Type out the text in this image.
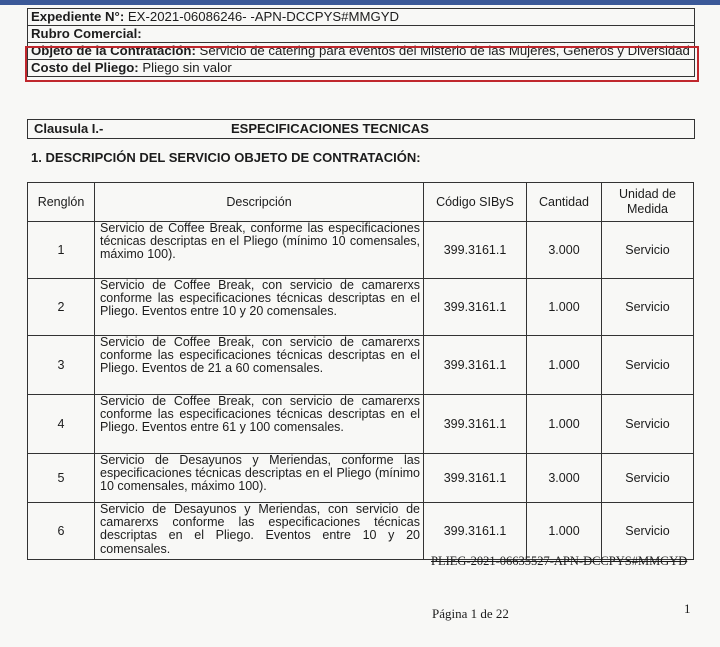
Expediente N°: EX-2021-06086246- -APN-DCCPYS#MMGYD
Rubro Comercial:
Objeto de la Contratación: Servicio de catering para eventos del Misterio de las Mujeres, Generos y Diversidad
Costo del Pliego: Pliego sin valor
Clausula I.-	ESPECIFICACIONES TECNICAS
1. DESCRIPCIÓN DEL SERVICIO OBJETO DE CONTRATACIÓN:
Renglón	Descripción	Código SIByS	Cantidad	Unidad de Medida
1	Servicio de Coffee Break, conforme las especificaciones técnicas descriptas en el Pliego (mínimo 10 comensales, máximo 100).	399.3161.1	3.000	Servicio
2	Servicio de Coffee Break, con servicio de camarerxs conforme las especificaciones técnicas descriptas en el Pliego. Eventos entre 10 y 20 comensales.	399.3161.1	1.000	Servicio
3	Servicio de Coffee Break, con servicio de camarerxs conforme las especificaciones técnicas descriptas en el Pliego. Eventos de 21 a 60 comensales.	399.3161.1	1.000	Servicio
4	Servicio de Coffee Break, con servicio de camarerxs conforme las especificaciones técnicas descriptas en el Pliego. Eventos entre 61 y 100 comensales.	399.3161.1	1.000	Servicio
5	Servicio de Desayunos y Meriendas, conforme las especificaciones técnicas descriptas en el Pliego (mínimo 10 comensales, máximo 100).	399.3161.1	3.000	Servicio
6	Servicio de Desayunos y Meriendas, con servicio de camarerxs conforme las especificaciones técnicas descriptas en el Pliego. Eventos entre 10 y 20 comensales.	399.3161.1	1.000	Servicio
PLIEG-2021-06635527-APN-DCCPYS#MMGYD
Página 1 de 22	1
